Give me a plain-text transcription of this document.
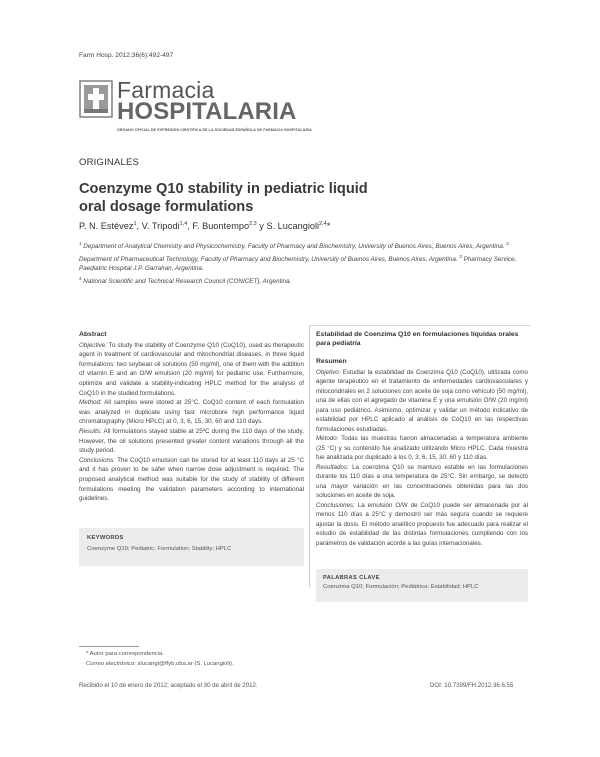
Farm Hosp. 2012;36(6):492-497
Farmacia
HOSPITALARIA
ÓRGANO OFICIAL DE EXPRESIÓN CIENTÍFICA DE LA SOCIEDAD ESPAÑOLA DE FARMACIA HOSPITALARIA
ORIGINALES
Coenzyme Q10 stability in pediatric liquid
oral dosage formulations
P. N. Estévez$^1$, V. Tripodi$^{1,4}$, F. Buontempo$^{2,3}$ y S. Lucangioli$^{2,4}$*
$^1$ Department of Analytical Chemistry and Physicochemistry, Faculty of Pharmacy and Biochemistry, University of Buenos Aires, Buenos Aires, Argentina. $^2$ Department of Pharmaceutical Technology, Faculty of Pharmacy and Biochemistry, University of Buenos Aires, Buenos Aires, Argentina. $^3$ Pharmacy Service, Paediatric Hospital J.P. Garrahan, Argentina.
$^4$ National Scientific and Technical Research Council (CONICET), Argentina.
Abstract

Objective: To study the stability of Coenzyme Q10 (CoQ10), used as therapeutic agent in treatment of cardiovascular and mitochondrial diseases, in three liquid formulations: two soybean oil solutions (50 mg/ml), one of them with the addition of vitamin E and an O/W emulsion (20 mg/ml) for pediatric use. Furthermore, optimize and validate a stability-indicating HPLC method for the analysis of CoQ10 in the studied formulations.

Method: All samples were stored at 25°C. CoQ10 content of each formulation was analyzed in duplicate using fast microbore high performance liquid chromatography (Micro HPLC) at 0, 3, 6, 15, 30, 60 and 110 days.

Results: All formulations stayed stable at 25ºC during the 110 days of the study. However, the oil solutions presented greater content variations through all the study period.

Conclusions: The CoQ10 emulsion can be stored for at least 110 days at 25 °C and it has proven to be safer when narrow dose adjustment is required. The proposed analytical method was suitable for the study of stability of different formulations meeting the validation parameters according to international guidelines.

KEYWORDS
Coenzyme Q10; Pediatric; Formulation; Stability; HPLC
Estabilidad de Coenzima Q10 en formulaciones líquidas orales para pediatría
Resumen

Objetivo: Estudiar la estabilidad de Coenzima Q10 (CoQ10), utilizada como agente terapéutico en el tratamiento de enfermedades cardiovasculares y mitocondriales en 2 soluciones con aceite de soja como vehículo (50 mg/ml), una de ellas con el agregado de vitamina E y una emulsión O/W (20 mg/ml) para uso pediátrico. Asimismo, optimizar y validar un método indicativo de estabilidad por HPLC aplicado al análisis de CoQ10 en las respectivas formulaciones estudiadas.

Método: Todas las muestras fueron almacenadas a temperatura ambiente (25 °C) y su contenido fue analizado utilizando Micro HPLC. Cada muestra fue analizada por duplicado a los 0, 3, 6, 15, 30, 60 y 110 días.

Resultados: La coenzima Q10 se mantuvo estable en las formulaciones durante los 110 días a una temperatura de 25°C. Sin embargo, se detectó una mayor variación en las concentraciones obtenidas para las dos soluciones en aceite de soja.

Conclusiones: La emulsión O/W de CoQ10 puede ser almacenada por al menos 110 días a 25°C y demostró ser más segura cuando se requiere ajustar la dosis. El método analítico propuesto fue adecuado para realizar el estudio de estabilidad de las distintas formulaciones cumpliendo con los parámetros de validación acorde a las guías internacionales.

PALABRAS CLAVE
Coenzima Q10; Formulación; Pediátrica; Estabilidad; HPLC
* Autor para correspondencia.
Correo electrónico: slucangi@ffyb.uba.ar (S. Lucangioli).
Recibido el 10 de enero de 2012; aceptado el 30 de abril de 2012.	DOI: 10.7399/FH.2012.36.6.55
